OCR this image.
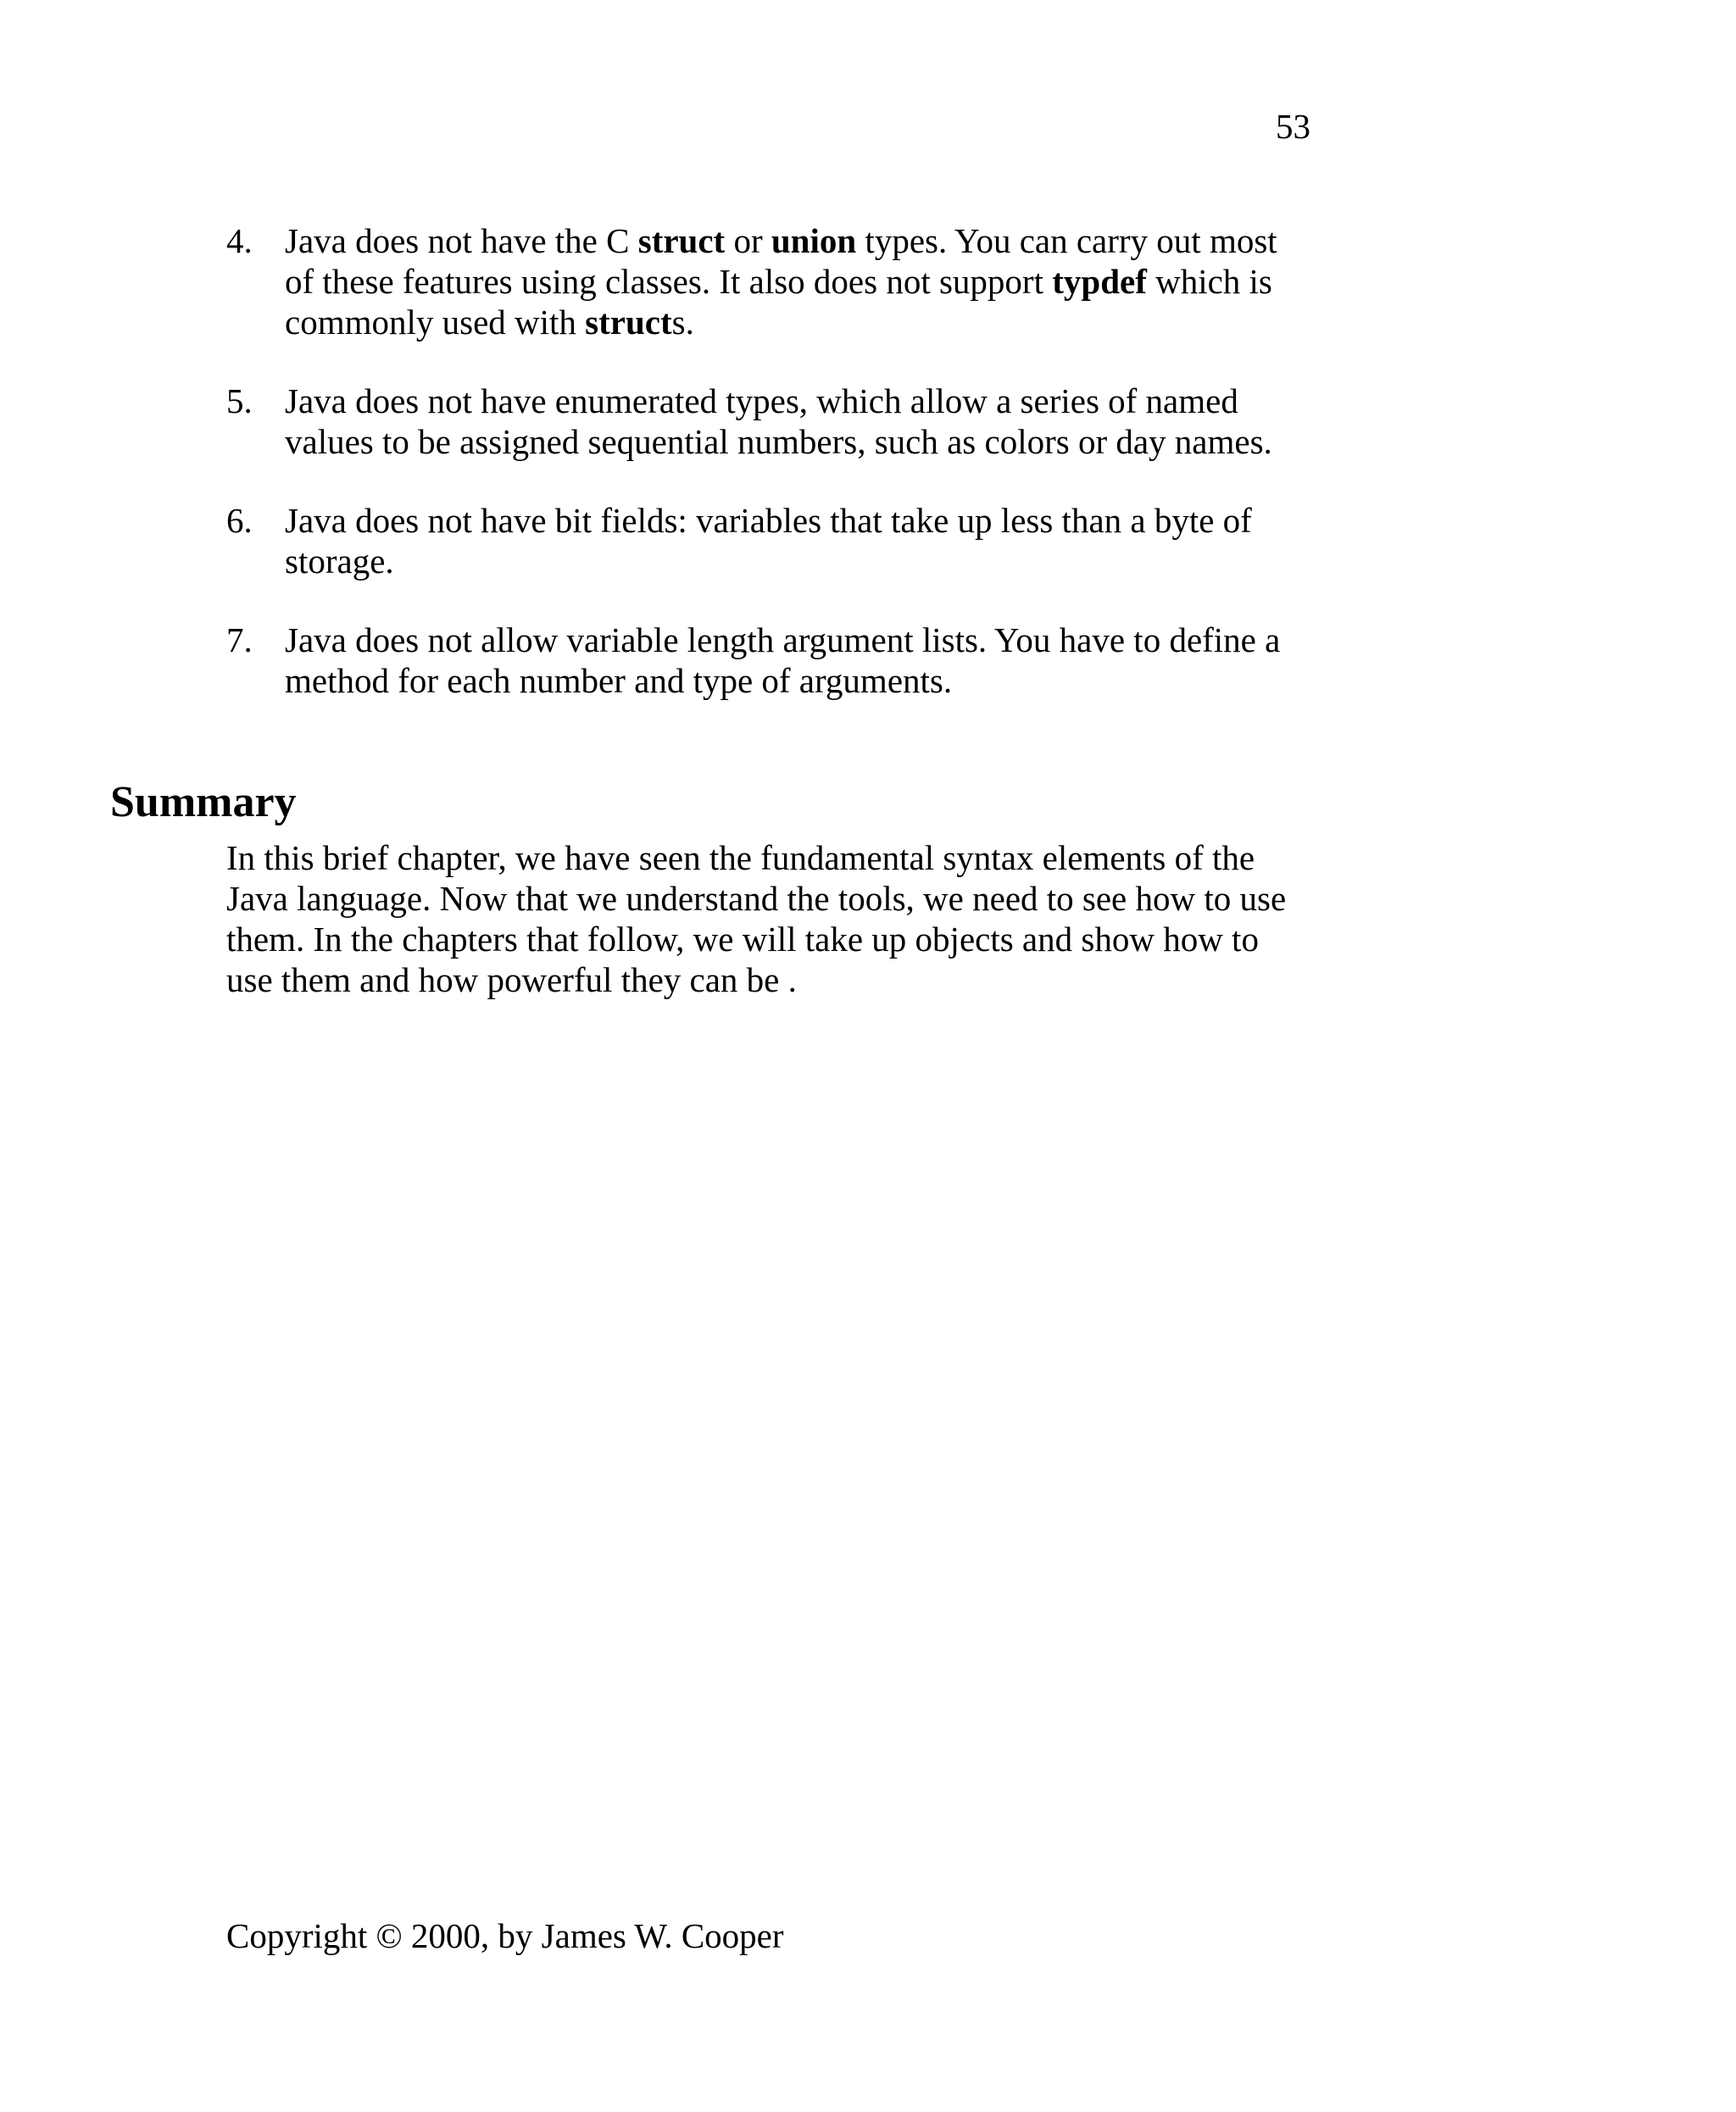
53
4. Java does not have the C struct or union types. You can carry out most
of these features using classes. It also does not support typdef which is
commonly used with structs.
5. Java does not have enumerated types, which allow a series of named
values to be assigned sequential numbers, such as colors or day names.
6. Java does not have bit fields: variables that take up less than a byte of
storage.
7. Java does not allow variable length argument lists. You have to define a
method for each number and type of arguments.
Summary

In this brief chapter, we have seen the fundamental syntax elements of the
Java language. Now that we understand the tools, we need to see how to use
them. In the chapters that follow, we will take up objects and show how to
use them and how powerful they can be .

Copyright © 2000, by James W. Cooper
